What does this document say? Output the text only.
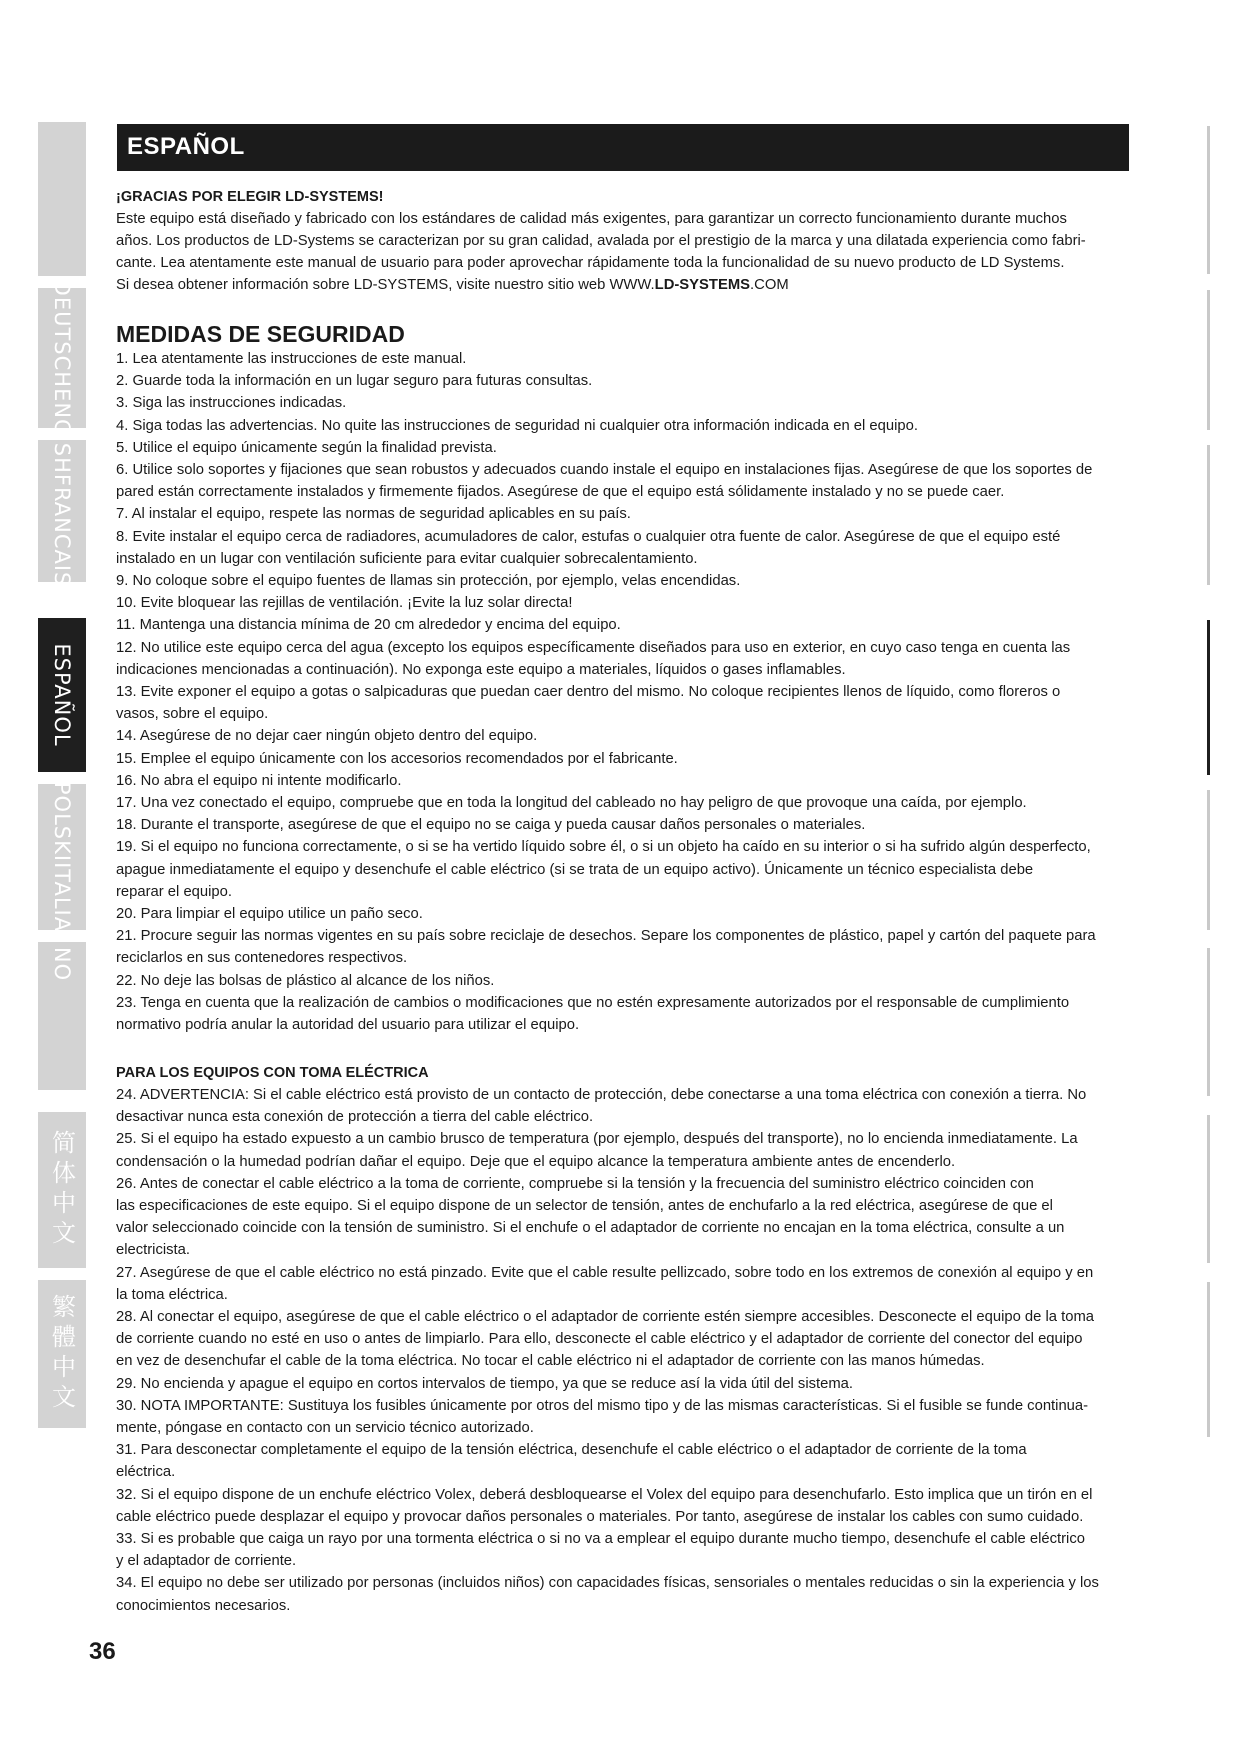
DEUTSCHENG
ISHFRANCAIS
ESPAÑOL
POLSKIITALIA
NO
简体中文
繁體中文
ESPAÑOL

¡GRACIAS POR ELEGIR LD-SYSTEMS!

Este equipo está diseñado y fabricado con los estándares de calidad más exigentes, para garantizar un correcto funcionamiento durante muchos

años. Los productos de LD-Systems se caracterizan por su gran calidad, avalada por el prestigio de la marca y una dilatada experiencia como fabri-

cante. Lea atentamente este manual de usuario para poder aprovechar rápidamente toda la funcionalidad de su nuevo producto de LD Systems.

Si desea obtener información sobre LD-SYSTEMS, visite nuestro sitio web WWW.LD-SYSTEMS.COM

MEDIDAS DE SEGURIDAD

1. Lea atentamente las instrucciones de este manual.

2. Guarde toda la información en un lugar seguro para futuras consultas.

3. Siga las instrucciones indicadas.

4. Siga todas las advertencias. No quite las instrucciones de seguridad ni cualquier otra información indicada en el equipo.

5. Utilice el equipo únicamente según la finalidad prevista.

6. Utilice solo soportes y fijaciones que sean robustos y adecuados cuando instale el equipo en instalaciones fijas. Asegúrese de que los soportes de
pared están correctamente instalados y firmemente fijados. Asegúrese de que el equipo está sólidamente instalado y no se puede caer.

7. Al instalar el equipo, respete las normas de seguridad aplicables en su país.

8. Evite instalar el equipo cerca de radiadores, acumuladores de calor, estufas o cualquier otra fuente de calor. Asegúrese de que el equipo esté
instalado en un lugar con ventilación suficiente para evitar cualquier sobrecalentamiento.

9. No coloque sobre el equipo fuentes de llamas sin protección, por ejemplo, velas encendidas.

10. Evite bloquear las rejillas de ventilación. ¡Evite la luz solar directa!

11. Mantenga una distancia mínima de 20 cm alrededor y encima del equipo.

12. No utilice este equipo cerca del agua (excepto los equipos específicamente diseñados para uso en exterior, en cuyo caso tenga en cuenta las
indicaciones mencionadas a continuación). No exponga este equipo a materiales, líquidos o gases inflamables.

13. Evite exponer el equipo a gotas o salpicaduras que puedan caer dentro del mismo. No coloque recipientes llenos de líquido, como floreros o
vasos, sobre el equipo.

14. Asegúrese de no dejar caer ningún objeto dentro del equipo.

15. Emplee el equipo únicamente con los accesorios recomendados por el fabricante.

16. No abra el equipo ni intente modificarlo.

17. Una vez conectado el equipo, compruebe que en toda la longitud del cableado no hay peligro de que provoque una caída, por ejemplo.

18. Durante el transporte, asegúrese de que el equipo no se caiga y pueda causar daños personales o materiales.

19. Si el equipo no funciona correctamente, o si se ha vertido líquido sobre él, o si un objeto ha caído en su interior o si ha sufrido algún desperfecto,
apague inmediatamente el equipo y desenchufe el cable eléctrico (si se trata de un equipo activo). Únicamente un técnico especialista debe
reparar el equipo.

20. Para limpiar el equipo utilice un paño seco.

21. Procure seguir las normas vigentes en su país sobre reciclaje de desechos. Separe los componentes de plástico, papel y cartón del paquete para
reciclarlos en sus contenedores respectivos.

22. No deje las bolsas de plástico al alcance de los niños.

23. Tenga en cuenta que la realización de cambios o modificaciones que no estén expresamente autorizados por el responsable de cumplimiento
normativo podría anular la autoridad del usuario para utilizar el equipo.

PARA LOS EQUIPOS CON TOMA ELÉCTRICA

24. ADVERTENCIA: Si el cable eléctrico está provisto de un contacto de protección, debe conectarse a una toma eléctrica con conexión a tierra. No
desactivar nunca esta conexión de protección a tierra del cable eléctrico.

25. Si el equipo ha estado expuesto a un cambio brusco de temperatura (por ejemplo, después del transporte), no lo encienda inmediatamente. La
condensación o la humedad podrían dañar el equipo. Deje que el equipo alcance la temperatura ambiente antes de encenderlo.

26. Antes de conectar el cable eléctrico a la toma de corriente, compruebe si la tensión y la frecuencia del suministro eléctrico coinciden con
las especificaciones de este equipo. Si el equipo dispone de un selector de tensión, antes de enchufarlo a la red eléctrica, asegúrese de que el
valor seleccionado coincide con la tensión de suministro. Si el enchufe o el adaptador de corriente no encajan en la toma eléctrica, consulte a un
electricista.

27. Asegúrese de que el cable eléctrico no está pinzado. Evite que el cable resulte pellizcado, sobre todo en los extremos de conexión al equipo y en
la toma eléctrica.

28. Al conectar el equipo, asegúrese de que el cable eléctrico o el adaptador de corriente estén siempre accesibles. Desconecte el equipo de la toma
de corriente cuando no esté en uso o antes de limpiarlo. Para ello, desconecte el cable eléctrico y el adaptador de corriente del conector del equipo
en vez de desenchufar el cable de la toma eléctrica. No tocar el cable eléctrico ni el adaptador de corriente con las manos húmedas.

29. No encienda y apague el equipo en cortos intervalos de tiempo, ya que se reduce así la vida útil del sistema.

30. NOTA IMPORTANTE: Sustituya los fusibles únicamente por otros del mismo tipo y de las mismas características. Si el fusible se funde continua-
mente, póngase en contacto con un servicio técnico autorizado.

31. Para desconectar completamente el equipo de la tensión eléctrica, desenchufe el cable eléctrico o el adaptador de corriente de la toma
eléctrica.

32. Si el equipo dispone de un enchufe eléctrico Volex, deberá desbloquearse el Volex del equipo para desenchufarlo. Esto implica que un tirón en el
cable eléctrico puede desplazar el equipo y provocar daños personales o materiales. Por tanto, asegúrese de instalar los cables con sumo cuidado.

33. Si es probable que caiga un rayo por una tormenta eléctrica o si no va a emplear el equipo durante mucho tiempo, desenchufe el cable eléctrico
y el adaptador de corriente.

34. El equipo no debe ser utilizado por personas (incluidos niños) con capacidades físicas, sensoriales o mentales reducidas o sin la experiencia y los
conocimientos necesarios.

36
